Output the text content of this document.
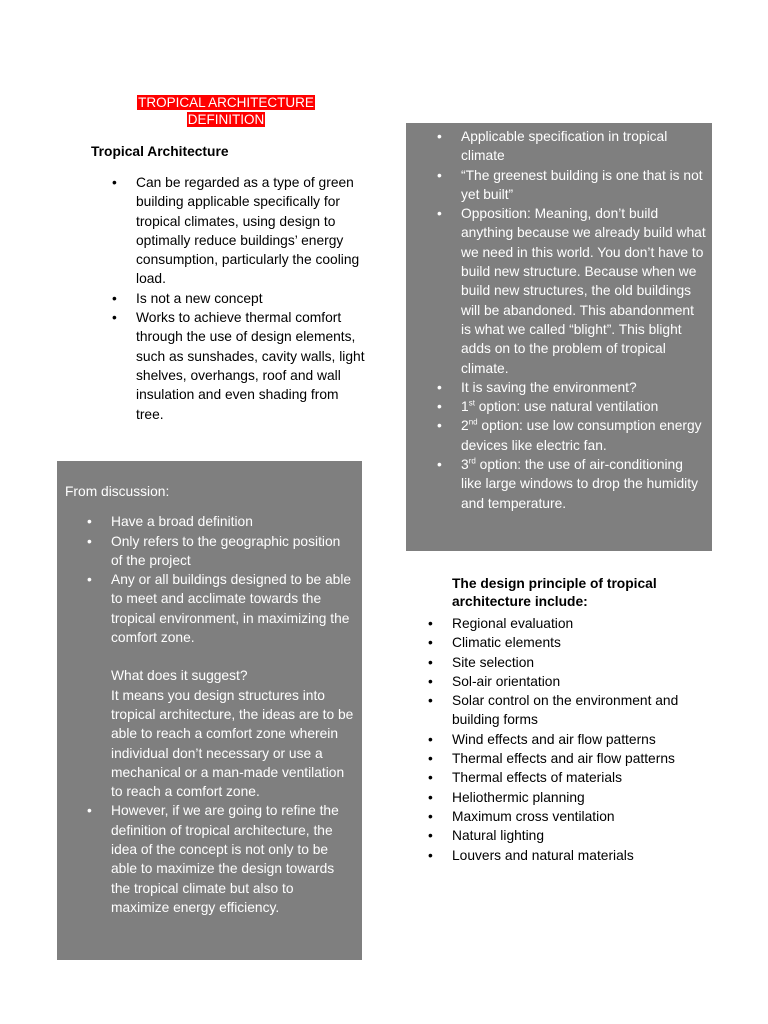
TROPICAL ARCHITECTURE
DEFINITION
Tropical Architecture
• Can be regarded as a type of green building applicable specifically for tropical climates, using design to optimally reduce buildings’ energy consumption, particularly the cooling load.
• Is not a new concept
• Works to achieve thermal comfort through the use of design elements, such as sunshades, cavity walls, light shelves, overhangs, roof and wall insulation and even shading from tree.
From discussion:
• Have a broad definition
• Only refers to the geographic position of the project
• Any or all buildings designed to be able to meet and acclimate towards the tropical environment, in maximizing the comfort zone.

What does it suggest?

It means you design structures into tropical architecture, the ideas are to be able to reach a comfort zone wherein individual don’t necessary or use a mechanical or a man-made ventilation to reach a comfort zone.

• However, if we are going to refine the definition of tropical architecture, the idea of the concept is not only to be able to maximize the design towards the tropical climate but also to maximize energy efficiency.
• Applicable specification in tropical climate
• “The greenest building is one that is not yet built”
• Opposition: Meaning, don’t build anything because we already build what we need in this world. You don’t have to build new structure. Because when we build new structures, the old buildings will be abandoned. This abandonment is what we called “blight”. This blight adds on to the problem of tropical climate.
• It is saving the environment?
• 1st option: use natural ventilation
• 2nd option: use low consumption energy devices like electric fan.
• 3rd option: the use of air-conditioning like large windows to drop the humidity and temperature.
The design principle of tropical architecture include:
• Regional evaluation
• Climatic elements
• Site selection
• Sol-air orientation
• Solar control on the environment and building forms
• Wind effects and air flow patterns
• Thermal effects and air flow patterns
• Thermal effects of materials
• Heliothermic planning
• Maximum cross ventilation
• Natural lighting
• Louvers and natural materials
